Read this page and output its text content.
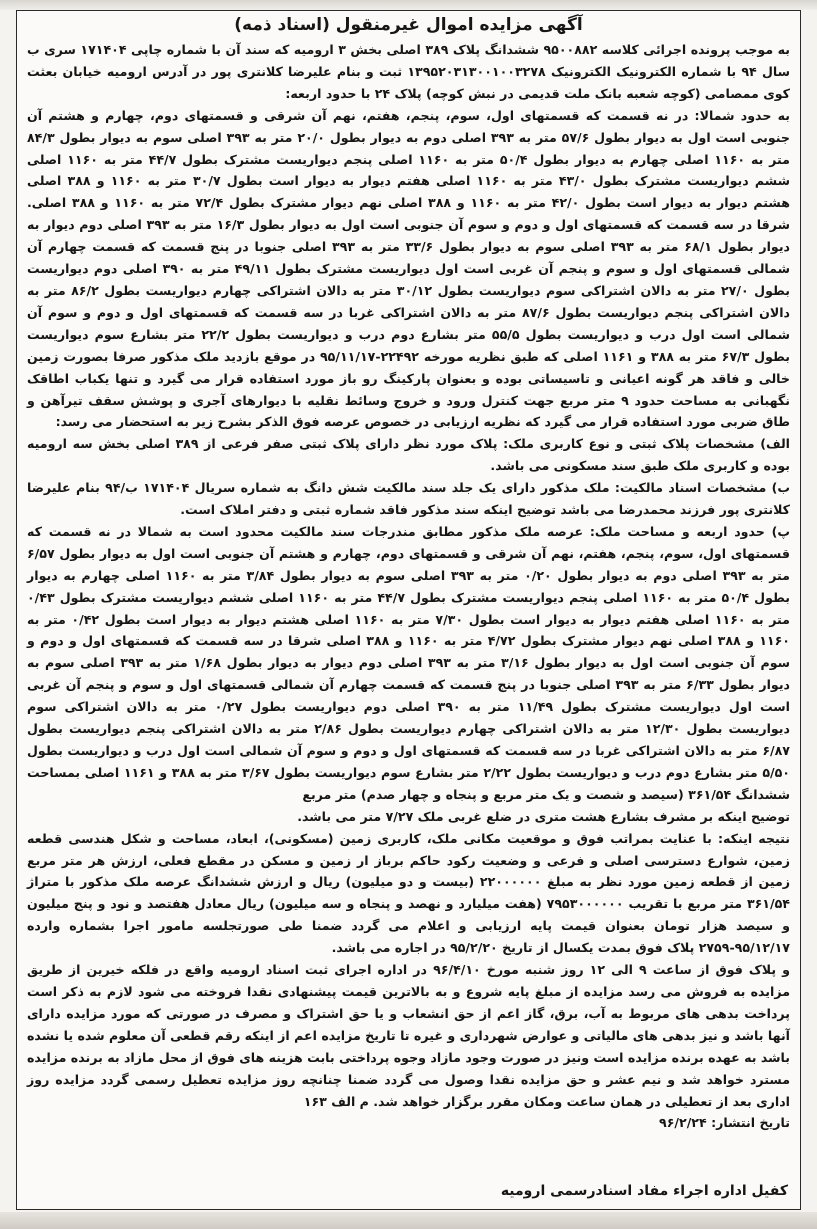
آگهی مزایده اموال غیرمنقول (اسناد ذمه)

به موجب پرونده اجرائی کلاسه ۹۵۰۰۸۸۲ ششدانگ پلاک ۳۸۹ اصلی بخش ۳ ارومیه که سند آن با شماره چاپی ۱۷۱۴۰۴ سری ب سال ۹۴ با شماره الکترونیک الکترونیک ۱۳۹۵۲۰۳۱۳۰۰۱۰۰۳۲۷۸ ثبت و بنام علیرضا کلانتری پور در آدرس ارومیه خیابان بعثت کوی ممصامی (کوچه شعبه بانک ملت قدیمی در نبش کوچه) پلاک ۲۴ با حدود اربعه:

به حدود شمالا: در نه قسمت که قسمتهای اول، سوم، پنجم، هفتم، نهم آن شرقی و قسمتهای دوم، چهارم و هشتم آن جنوبی است اول به دیوار بطول ۵۷/۶ متر به ۳۹۳ اصلی دوم به دیوار بطول ۲۰/۰ متر به ۳۹۳ اصلی سوم به دیوار بطول ۸۴/۳ متر به ۱۱۶۰ اصلی چهارم به دیوار بطول ۵۰/۴ متر به ۱۱۶۰ اصلی پنجم دیواریست مشترک بطول ۴۴/۷ متر به ۱۱۶۰ اصلی ششم دیواریست مشترک بطول ۴۳/۰ متر به ۱۱۶۰ اصلی هفتم دیوار به دیوار است بطول ۳۰/۷ متر به ۱۱۶۰ و ۳۸۸ اصلی هشتم دیوار به دیوار است بطول ۴۲/۰ متر به ۱۱۶۰ و ۳۸۸ اصلی نهم دیوار مشترک بطول ۷۲/۴ متر به ۱۱۶۰ و ۳۸۸ اصلی. شرقا در سه قسمت که قسمتهای اول و دوم و سوم آن جنوبی است اول به دیوار بطول ۱۶/۳ متر به ۳۹۳ اصلی دوم دیوار به دیوار بطول ۶۸/۱ متر به ۳۹۳ اصلی سوم به دیوار بطول ۳۳/۶ متر به ۳۹۳ اصلی جنوبا در پنج قسمت که قسمت چهارم آن شمالی قسمتهای اول و سوم و پنجم آن غربی است اول دیواریست مشترک بطول ۴۹/۱۱ متر به ۳۹۰ اصلی دوم دیواریست بطول ۲۷/۰ متر به دالان اشتراکی سوم دیواریست بطول ۳۰/۱۲ متر به دالان اشتراکی چهارم دیواریست بطول ۸۶/۲ متر به دالان اشتراکی پنجم دیواریست بطول ۸۷/۶ متر به دالان اشتراکی غربا در سه قسمت که قسمتهای اول و دوم و سوم آن شمالی است اول درب و دیواریست بطول ۵۵/۵ متر بشارع دوم درب و دیواریست بطول ۲۲/۲ متر بشارع سوم دیواریست بطول ۶۷/۳ متر به ۳۸۸ و ۱۱۶۱ اصلی که طبق نظریه مورخه ۲۲۴۹۲-۹۵/۱۱/۱۷ در موقع بازدید ملک مذکور صرفا بصورت زمین خالی و فاقد هر گونه اعیانی و تاسیساتی بوده و بعنوان پارکینگ رو باز مورد استفاده قرار می گیرد و تنها یکباب اطاقک نگهبانی به مساحت حدود ۹ متر مربع جهت کنترل ورود و خروج وسائط نقلیه با دیوارهای آجری و پوشش سقف تیرآهن و طاق ضربی مورد استفاده قرار می گیرد که نظریه ارزیابی در خصوص عرصه فوق الذکر بشرح زیر به استحضار می رسد:

الف) مشخصات پلاک ثبتی و نوع کاربری ملک: پلاک مورد نظر دارای پلاک ثبتی صفر فرعی از ۳۸۹ اصلی بخش سه ارومیه بوده و کاربری ملک طبق سند مسکونی می باشد.

ب) مشخصات اسناد مالکیت: ملک مذکور دارای یک جلد سند مالکیت شش دانگ به شماره سریال ۱۷۱۴۰۴ ب/۹۴ بنام علیرضا کلانتری پور فرزند محمدرضا می باشد توضیح اینکه سند مذکور فاقد شماره ثبتی و دفتر املاک است.

پ) حدود اربعه و مساحت ملک: عرصه ملک مذکور مطابق مندرجات سند مالکیت محدود است به شمالا در نه قسمت که قسمتهای اول، سوم، پنجم، هفتم، نهم آن شرقی و قسمتهای دوم، چهارم و هشتم آن جنوبی است اول به دیوار بطول ۶/۵۷ متر به ۳۹۳ اصلی دوم به دیوار بطول ۰/۲۰ متر به ۳۹۳ اصلی سوم به دیوار بطول ۳/۸۴ متر به ۱۱۶۰ اصلی چهارم به دیوار بطول ۵۰/۴ متر به ۱۱۶۰ اصلی پنجم دیواریست مشترک بطول ۴۴/۷ متر به ۱۱۶۰ اصلی ششم دیواریست مشترک بطول ۰/۴۳ متر به ۱۱۶۰ اصلی هفتم دیوار به دیوار است بطول ۷/۳۰ متر به ۱۱۶۰ اصلی هشتم دیوار به دیوار است بطول ۰/۴۲ متر به ۱۱۶۰ و ۳۸۸ اصلی نهم دیوار مشترک بطول ۴/۷۲ متر به ۱۱۶۰ و ۳۸۸ اصلی شرقا در سه قسمت که قسمتهای اول و دوم و سوم آن جنوبی است اول به دیوار بطول ۳/۱۶ متر به ۳۹۳ اصلی دوم دیوار به دیوار بطول ۱/۶۸ متر به ۳۹۳ اصلی سوم به دیوار بطول ۶/۳۳ متر به ۳۹۳ اصلی جنوبا در پنج قسمت که قسمت چهارم آن شمالی قسمتهای اول و سوم و پنجم آن غربی است اول دیواریست مشترک بطول ۱۱/۴۹ متر به ۳۹۰ اصلی دوم دیواریست بطول ۰/۲۷ متر به دالان اشتراکی سوم دیواریست بطول ۱۲/۳۰ متر به دالان اشتراکی چهارم دیواریست بطول ۲/۸۶ متر به دالان اشتراکی پنجم دیواریست بطول ۶/۸۷ متر به دالان اشتراکی غربا در سه قسمت که قسمتهای اول و دوم و سوم آن شمالی است اول درب و دیواریست بطول ۵/۵۰ متر بشارع دوم درب و دیواریست بطول ۲/۲۲ متر بشارع سوم دیواریست بطول ۳/۶۷ متر به ۳۸۸ و ۱۱۶۱ اصلی بمساحت ششدانگ ۳۶۱/۵۴ (سیصد و شصت و یک متر مربع و پنجاه و چهار صدم) متر مربع

توضیح اینکه بر مشرف بشارع هشت متری در ضلع غربی ملک ۷/۲۷ متر می باشد.

نتیجه اینکه: با عنایت بمراتب فوق و موقعیت مکانی ملک، کاربری زمین (مسکونی)، ابعاد، مساحت و شکل هندسی قطعه زمین، شوارع دسترسی اصلی و فرعی و وضعیت رکود حاکم برباز ار زمین و مسکن در مقطع فعلی، ارزش هر متر مربع زمین از قطعه زمین مورد نظر به مبلغ ۲۲۰۰۰۰۰۰ (بیست و دو میلیون) ریال و ارزش ششدانگ عرصه ملک مذکور با متراژ ۳۶۱/۵۴ متر مربع با تقریب ۷۹۵۳۰۰۰۰۰۰ (هفت میلیارد و نهصد و پنجاه و سه میلیون) ریال معادل هفتصد و نود و پنج میلیون و سیصد هزار تومان بعنوان قیمت پایه ارزیابی و اعلام می گردد ضمنا طی صورتجلسه مامور اجرا بشماره وارده ۹۵/۱۲/۱۷-۲۷۵۹ پلاک فوق بمدت یکسال از تاریخ ۹۵/۲/۲۰ در اجاره می باشد.

و پلاک فوق از ساعت ۹ الی ۱۲ روز شنبه مورخ ۹۶/۴/۱۰ در اداره اجرای ثبت اسناد ارومیه واقع در فلکه خیرین از طریق مزایده به فروش می رسد مزایده از مبلغ پایه شروع و به بالاترین قیمت پیشنهادی نقدا فروخته می شود لازم به ذکر است پرداخت بدهی های مربوط به آب، برق، گاز اعم از حق انشعاب و یا حق اشتراک و مصرف در صورتی که مورد مزایده دارای آنها باشد و نیز بدهی های مالیاتی و عوارض شهرداری و غیره تا تاریخ مزایده اعم از اینکه رقم قطعی آن معلوم شده یا نشده باشد به عهده برنده مزایده است ونیز در صورت وجود مازاد وجوه پرداختی بابت هزینه های فوق از محل مازاد به برنده مزایده مسترد خواهد شد و نیم عشر و حق مزایده نقدا وصول می گردد ضمنا چنانچه روز مزایده تعطیل رسمی گردد مزایده روز اداری بعد از تعطیلی در همان ساعت ومکان مقرر برگزار خواهد شد. م الف ۱۶۳

تاریخ انتشار: ۹۶/۲/۲۴

کفیل اداره اجراء مفاد اسنادرسمی ارومیه
